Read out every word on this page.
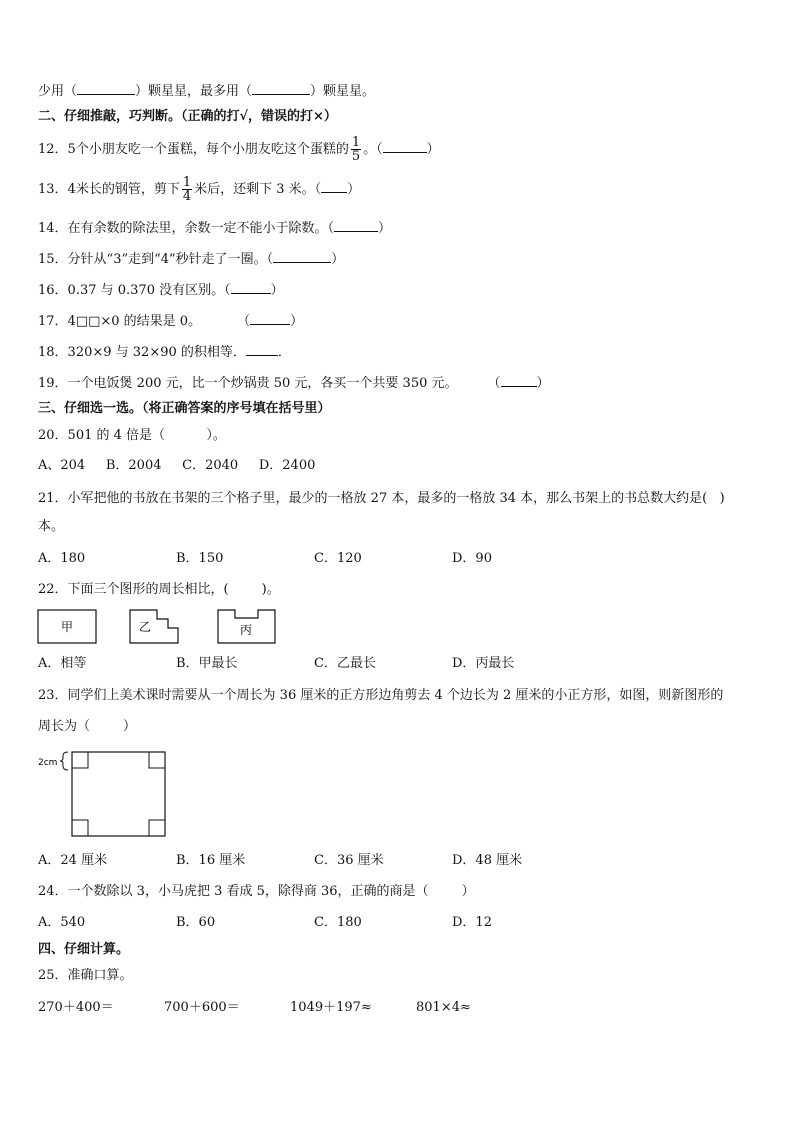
少用（	）颗星星，最多用（	）颗星星。
二、仔细推敲，巧判断。（正确的打√，错误的打×）
12．5个小朋友吃一个蛋糕，每个小朋友吃这个蛋糕的 $\frac{1}{5}$ 。（	）
13．4米长的钢管，剪下 $\frac{1}{4}$ 米后，还剩下 3 米。（ ）
14．在有余数的除法里，余数一定不能小于除数。（	）
15．分针从“3”走到“4”秒针走了一圈。（	）
16．0.37 与 0.370 没有区别。（	）
17．4□□×0 的结果是 0。	（	）
18．320×9 与 32×90 的积相等． ．
19．一个电饭煲 200 元，比一个炒锅贵 50 元，各买一个共要 350 元。 （	）
三、仔细选一选。（将正确答案的序号填在括号里）
20．501 的 4 倍是（          ）。
A、204     B．2004     C．2040     D．2400
21．小军把他的书放在书架的三个格子里，最少的一格放 27 本，最多的一格放 34 本，那么书架上的书总数大约是(   )
本。
A．180	B．150	C．120	D．90
22．下面三个图形的周长相比，(        )。
甲	乙	丙
A．相等	B．甲最长	C．乙最长	D．丙最长
23．同学们上美术课时需要从一个周长为 36 厘米的正方形边角剪去 4 个边长为 2 厘米的小正方形，如图，则新图形的
周长为（        ）
2cm
A．24 厘米	B．16 厘米	C．36 厘米	D．48 厘米
24．一个数除以 3，小马虎把 3 看成 5，除得商 36，正确的商是（        ）
A．540	B．60	C．180	D．12
四、仔细计算。
25．准确口算。
270＋400＝	700＋600＝	1049＋197≈	801×4≈
